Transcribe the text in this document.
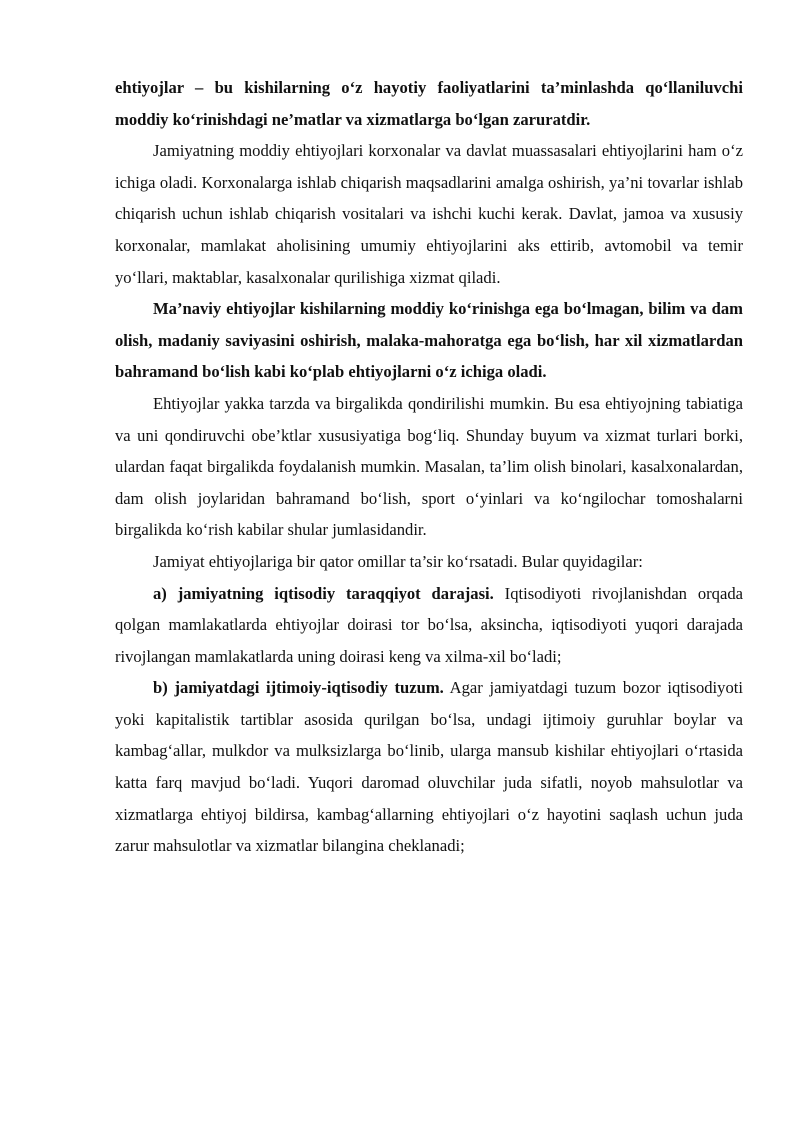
ehtiyojlar – bu kishilarning o‘z hayotiy faoliyatlarini ta’minlashda qo‘llaniluvchi moddiy ko‘rinishdagi ne’matlar va xizmatlarga bo‘lgan zaruratdir.

Jamiyatning moddiy ehtiyojlari korxonalar va davlat muassasalari ehtiyojlarini ham o‘z ichiga oladi. Korxonalarga ishlab chiqarish maqsadlarini amalga oshirish, ya’ni tovarlar ishlab chiqarish uchun ishlab chiqarish vositalari va ishchi kuchi kerak. Davlat, jamoa va xususiy korxonalar, mamlakat aholisining umumiy ehtiyojlarini aks ettirib, avtomobil va temir yo‘llari, maktablar, kasalxonalar qurilishiga xizmat qiladi.

Ma’naviy ehtiyojlar kishilarning moddiy ko‘rinishga ega bo‘lmagan, bilim va dam olish, madaniy saviyasini oshirish, malaka-mahoratga ega bo‘lish, har xil xizmatlardan bahramand bo‘lish kabi ko‘plab ehtiyojlarni o‘z ichiga oladi.

Ehtiyojlar yakka tarzda va birgalikda qondirilishi mumkin. Bu esa ehtiyojning tabiatiga va uni qondiruvchi obe’ktlar xususiyatiga bog‘liq. Shunday buyum va xizmat turlari borki, ulardan faqat birgalikda foydalanish mumkin. Masalan, ta’lim olish binolari, kasalxonalardan, dam olish joylaridan bahramand bo‘lish, sport o‘yinlari va ko‘ngilochar tomoshalarni birgalikda ko‘rish kabilar shular jumlasidandir.

Jamiyat ehtiyojlariga bir qator omillar ta’sir ko‘rsatadi. Bular quyidagilar:

a) jamiyatning iqtisodiy taraqqiyot darajasi. Iqtisodiyoti rivojlanishdan orqada qolgan mamlakatlarda ehtiyojlar doirasi tor bo‘lsa, aksincha, iqtisodiyoti yuqori darajada rivojlangan mamlakatlarda uning doirasi keng va xilma-xil bo‘ladi;

b) jamiyatdagi ijtimoiy-iqtisodiy tuzum. Agar jamiyatdagi tuzum bozor iqtisodiyoti yoki kapitalistik tartiblar asosida qurilgan bo‘lsa, undagi ijtimoiy guruhlar boylar va kambag‘allar, mulkdor va mulksizlarga bo‘linib, ularga mansub kishilar ehtiyojlari o‘rtasida katta farq mavjud bo‘ladi. Yuqori daromad oluvchilar juda sifatli, noyob mahsulotlar va xizmatlarga ehtiyoj bildirsa, kambag‘allarning ehtiyojlari o‘z hayotini saqlash uchun juda zarur mahsulotlar va xizmatlar bilangina cheklanadi;
